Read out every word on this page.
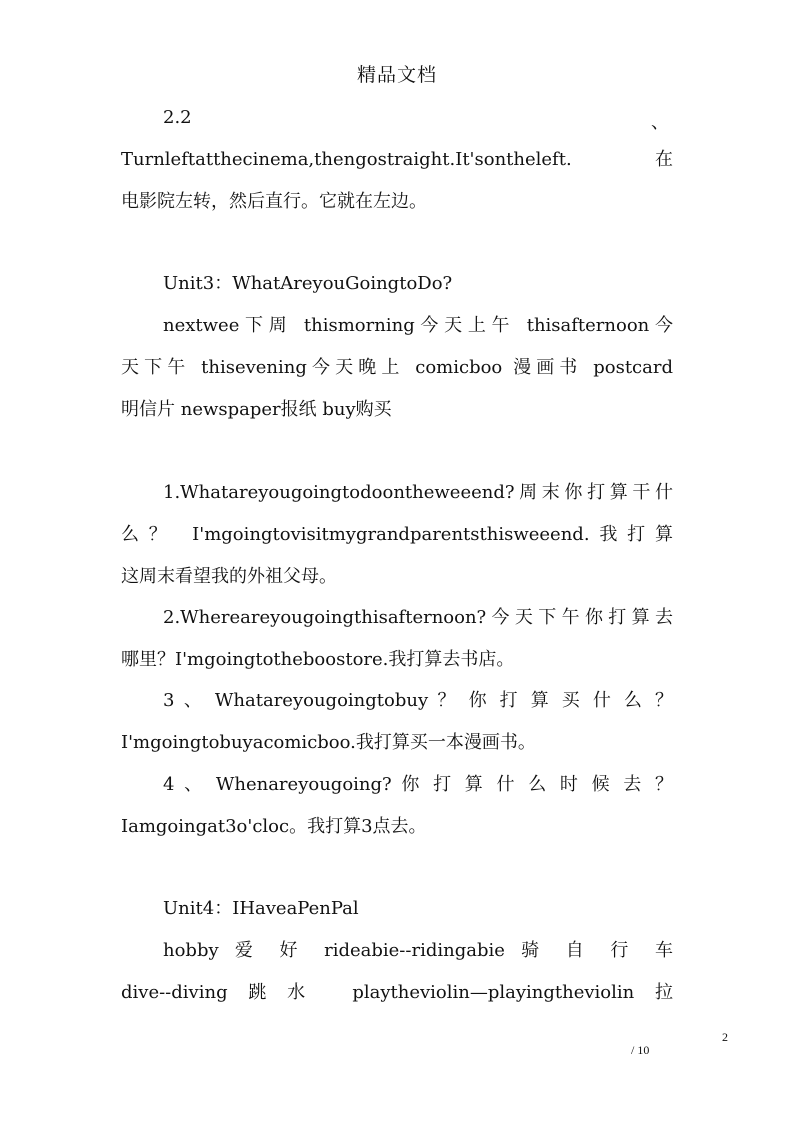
精品文档
2.2	、
Turnleftatthecinema,thengostraight.It'sontheleft. 在
电影院左转，然后直行。它就在左边。
Unit3：WhatAreyouGoingtoDo?
nextwee下周 thismorning今天上午 thisafternoon今
天下午 thisevening今天晚上 comicboo 漫画书 postcard
明信片 newspaper报纸 buy购买
1.Whatareyougoingtodoontheweeend?周末你打算干什
么？ I'mgoingtovisitmygrandparentsthisweeend.我打算
这周末看望我的外祖父母。
2.Whereareyougoingthisafternoon?今天下午你打算去
哪里？I'mgoingtotheboostore.我打算去书店。
3 、 Whatareyougoingtobuy ？ 你 打 算 买 什 么 ？
I'mgoingtobuyacomicboo.我打算买一本漫画书。
4 、 Whenareyougoing? 你 打 算 什 么 时 候 去 ？
Iamgoingat3o'cloc。我打算3点去。
Unit4：IHaveaPenPal
hobby 爱 好 rideabie--ridingabie 骑 自 行 车
dive--diving跳水 playtheviolin—playingtheviolin拉
2
/ 10
